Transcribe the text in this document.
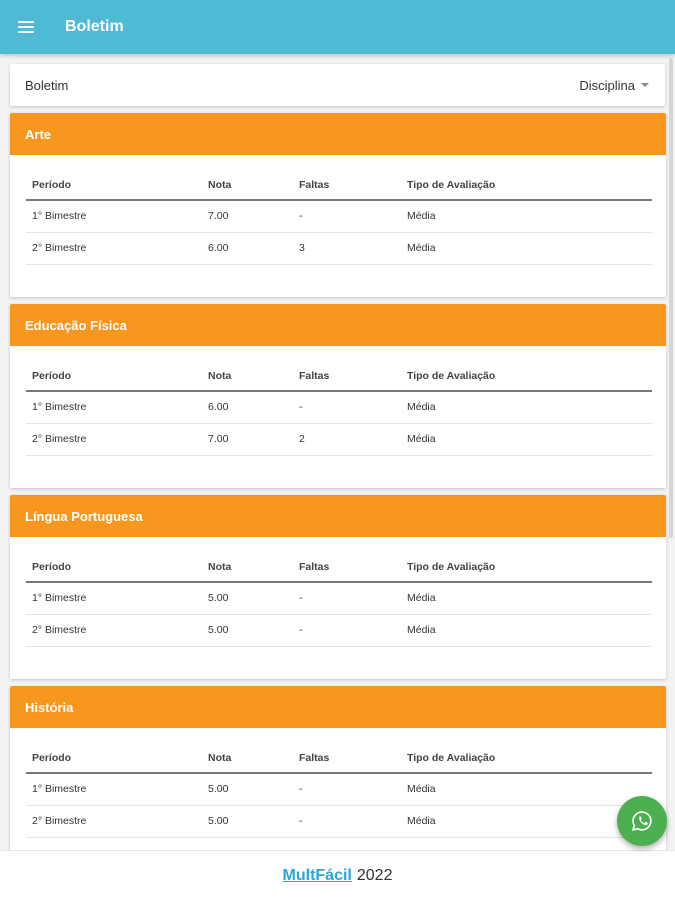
Boletim
Boletim	Disciplina
Arte
Período	Nota	Faltas	Tipo de Avaliação
1° Bimestre	7.00	-	Média
2° Bimestre	6.00	3	Média
Educação Física
Período	Nota	Faltas	Tipo de Avaliação
1° Bimestre	6.00	-	Média
2° Bimestre	7.00	2	Média
Língua Portuguesa
Período	Nota	Faltas	Tipo de Avaliação
1° Bimestre	5.00	-	Média
2° Bimestre	5.00	-	Média
História
Período	Nota	Faltas	Tipo de Avaliação
1° Bimestre	5.00	-	Média
2° Bimestre	5.00	-	Média
MultFácil 2022
